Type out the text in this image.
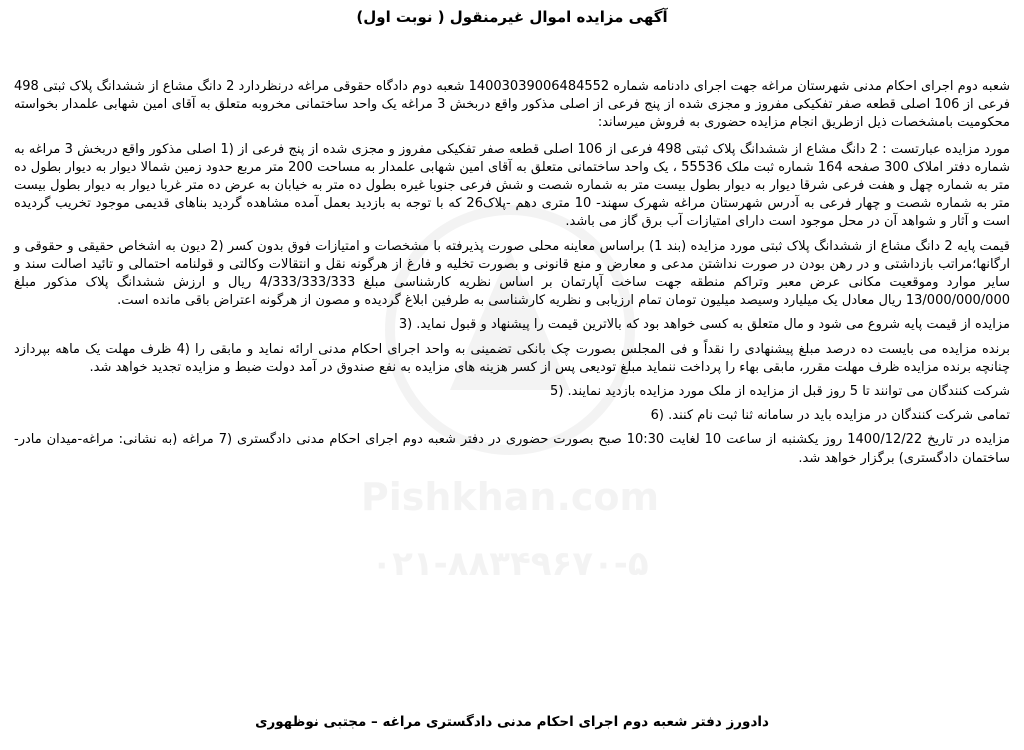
Pishkhan.com
۰۲۱-۸۸۳۴۹۶۷۰-۵
آگهی مزایده اموال غیرمنقول ( نوبت اول)

شعبه دوم اجرای احکام مدنی شهرستان مراغه جهت اجرای دادنامه شماره 14003039006484552 شعبه دوم دادگاه حقوقی مراغه درنظردارد 2 دانگ مشاع از ششدانگ پلاک ثبتی 498 فرعی از 106 اصلی قطعه صفر تفکیکی مفروز و مجزی شده از پنج فرعی از اصلی مذکور واقع دربخش 3 مراغه یک واحد ساختمانی مخروبه متعلق به آقای امین شهابی علمدار بخواسته محکومیت بامشخصات ذیل ازطریق انجام مزایده حضوری به فروش میرساند:

مورد مزایده عبارتست : 2 دانگ مشاع از ششدانگ پلاک ثبتی 498 فرعی از 106 اصلی قطعه صفر تفکیکی مفروز و مجزی شده از پنج فرعی از (1 اصلی مذکور واقع دربخش 3 مراغه به شماره دفتر املاک 300 صفحه 164 شماره ثبت ملک 55536 ، یک واحد ساختمانی متعلق به آقای امین شهابی علمدار به مساحت 200 متر مربع حدود زمین شمالا دیوار به دیوار بطول ده متر به شماره چهل و هفت فرعی شرقا دیوار به دیوار بطول بیست متر به شماره شصت و شش فرعی جنوبا غیره بطول ده متر به خیابان به عرض ده متر غربا دیوار به دیوار بطول بیست متر به شماره شصت و چهار فرعی به آدرس شهرستان مراغه شهرک سهند- 10 متری دهم -پلاک26 که با توجه به بازدید بعمل آمده مشاهده گردید بناهای قدیمی موجود تخریب گردیده است و آثار و شواهد آن در محل موجود است دارای امتیازات آب برق گاز می باشد.

قیمت پایه 2 دانگ مشاع از ششدانگ پلاک ثبتی مورد مزایده (بند 1) براساس معاینه محلی صورت پذیرفته با مشخصات و امتیازات فوق بدون کسر (2 دیون به اشخاص حقیقی و حقوقی و ارگانها؛مراتب بازداشتی و در رهن بودن در صورت نداشتن مدعی و معارض و منع قانونی و بصورت تخلیه و فارغ از هرگونه نقل و انتقالات وکالتی و قولنامه احتمالی و تائید اصالت سند و سایر موارد وموقعیت مکانی عرض معبر وتراکم منطقه جهت ساخت آپارتمان بر اساس نظریه کارشناسی مبلغ 4/333/333/333 ریال و ارزش ششدانگ پلاک مذکور مبلغ 13/000/000/000 ریال معادل یک میلیارد وسیصد میلیون تومان تمام ارزیابی و نظریه کارشناسی به طرفین ابلاغ گردیده و مصون از هرگونه اعتراض باقی مانده است.

مزایده از قیمت پایه شروع می شود و مال متعلق به کسی خواهد بود که بالاترین قیمت را پیشنهاد و قبول نماید. (3

برنده مزایده می بایست ده درصد مبلغ پیشنهادی را نقداً و فی المجلس بصورت چک بانکی تضمینی به واحد اجرای احکام مدنی ارائه نماید و مابقی را (4 ظرف مهلت یک ماهه بپردازد چنانچه برنده مزایده ظرف مهلت مقرر، مابقی بهاء را پرداخت ننماید مبلغ تودیعی پس از کسر هزینه های مزایده به نفع صندوق در آمد دولت ضبط و مزایده تجدید خواهد شد.

شرکت کنندگان می توانند تا 5 روز قبل از مزایده از ملک مورد مزایده بازدید نمایند. (5

تمامی شرکت کنندگان در مزایده باید در سامانه ثنا ثبت نام کنند. (6

مزایده در تاریخ 1400/12/22 روز یکشنبه از ساعت 10 لغایت 10:30 صبح بصورت حضوری در دفتر شعبه دوم اجرای احکام مدنی دادگستری (7 مراغه (به نشانی: مراغه-میدان مادر-ساختمان دادگستری) برگزار خواهد شد.

دادورز دفتر شعبه دوم اجرای احکام مدنی دادگستری مراغه – مجتبی نوظهوری
